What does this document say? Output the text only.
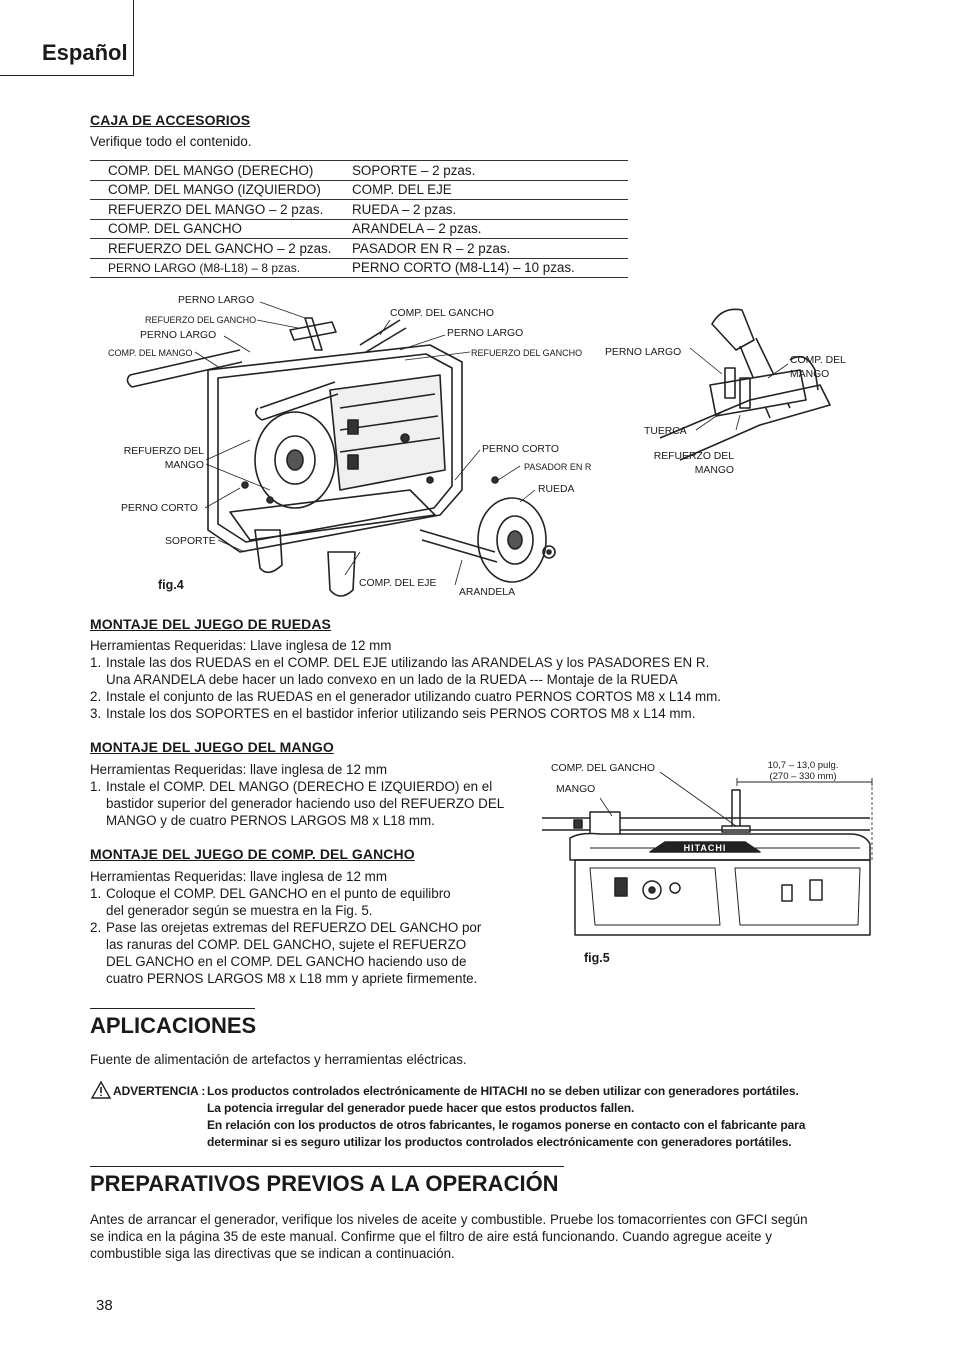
Español
CAJA DE ACCESORIOS
Verifique todo el contenido.
COMP. DEL MANGO (DERECHO)	SOPORTE – 2 pzas.
COMP. DEL MANGO (IZQUIERDO)	COMP. DEL EJE
REFUERZO DEL MANGO – 2 pzas.	RUEDA – 2 pzas.
COMP. DEL GANCHO	ARANDELA – 2 pzas.
REFUERZO DEL GANCHO – 2 pzas.	PASADOR EN R – 2 pzas.
PERNO LARGO (M8-L18) – 8 pzas.	PERNO CORTO (M8-L14) – 10 pzas.
PERNO LARGO
REFUERZO DEL GANCHO
PERNO LARGO
COMP. DEL MANGO
COMP. DEL GANCHO
PERNO LARGO
REFUERZO DEL GANCHO
REFUERZO DEL
MANGO
PERNO CORTO
SOPORTE
PERNO CORTO
PASADOR EN R
RUEDA
COMP. DEL EJE
ARANDELA
fig.4
PERNO LARGO
COMP. DEL
MANGO
TUERCA
REFUERZO DEL
MANGO
MONTAJE DEL JUEGO DE RUEDAS
Herramientas Requeridas: Llave inglesa de 12 mm
1. Instale las dos RUEDAS en el COMP. DEL EJE utilizando las ARANDELAS y los PASADORES EN R.
Una ARANDELA debe hacer un lado convexo en un lado de la RUEDA --- Montaje de la RUEDA
2. Instale el conjunto de las RUEDAS en el generador utilizando cuatro PERNOS CORTOS M8 x L14 mm.
3. Instale los dos SOPORTES en el bastidor inferior utilizando seis PERNOS CORTOS M8 x L14 mm.
MONTAJE DEL JUEGO DEL MANGO
Herramientas Requeridas: llave inglesa de 12 mm
1. Instale el COMP. DEL MANGO (DERECHO E IZQUIERDO) en el
bastidor superior del generador haciendo uso del REFUERZO DEL
MANGO y de cuatro PERNOS LARGOS M8 x L18 mm.
MONTAJE DEL JUEGO DE COMP. DEL GANCHO
Herramientas Requeridas: llave inglesa de 12 mm
1. Coloque el COMP. DEL GANCHO en el punto de equilibro
del generador según se muestra en la Fig. 5.
2. Pase las orejetas extremas del REFUERZO DEL GANCHO por
las ranuras del COMP. DEL GANCHO, sujete el REFUERZO
DEL GANCHO en el COMP. DEL GANCHO haciendo uso de
cuatro PERNOS LARGOS M8 x L18 mm y apriete firmemente.
HITACHI
COMP. DEL GANCHO
MANGO
10,7 – 13,0 pulg.
(270 – 330 mm)
fig.5
APLICACIONES
Fuente de alimentación de artefactos y herramientas eléctricas.
ADVERTENCIA : Los productos controlados electrónicamente de HITACHI no se deben utilizar con generadores portátiles.
La potencia irregular del generador puede hacer que estos productos fallen.
En relación con los productos de otros fabricantes, le rogamos ponerse en contacto con el fabricante para
determinar si es seguro utilizar los productos controlados electrónicamente con generadores portátiles.
PREPARATIVOS PREVIOS A LA OPERACIÓN
Antes de arrancar el generador, verifique los niveles de aceite y combustible. Pruebe los tomacorrientes con GFCI según
se indica en la página 35 de este manual. Confirme que el filtro de aire está funcionando. Cuando agregue aceite y
combustible siga las directivas que se indican a continuación.
38
